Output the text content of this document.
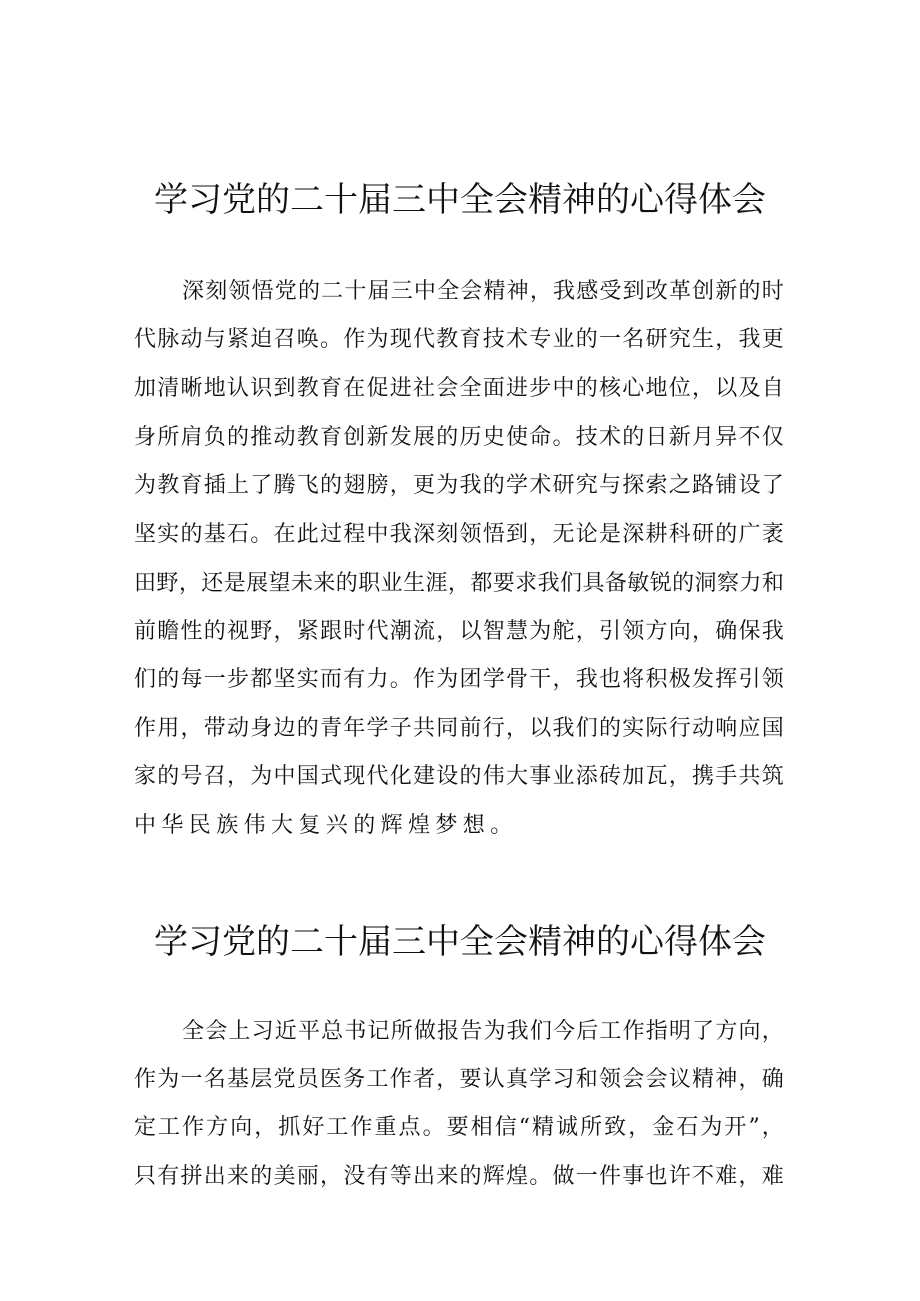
学习党的二十届三中全会精神的心得体会

深 刻 领 悟 党 的 二 十 届 三 中 全 会 精 神 ， 我 感 受 到 改 革 创 新 的 时

代 脉 动 与 紧 迫 召 唤 。 作 为 现 代 教 育 技 术 专 业 的 一 名 研 究 生 ， 我 更

加 清 晰 地 认 识 到 教 育 在 促 进 社 会 全 面 进 步 中 的 核 心 地 位 ， 以 及 自

身 所 肩 负 的 推 动 教 育 创 新 发 展 的 历 史 使 命 。 技 术 的 日 新 月 异 不 仅

为 教 育 插 上 了 腾 飞 的 翅 膀 ， 更 为 我 的 学 术 研 究 与 探 索 之 路 铺 设 了

坚 实 的 基 石 。 在 此 过 程 中 我 深 刻 领 悟 到 ， 无 论 是 深 耕 科 研 的 广 袤

田 野 ， 还 是 展 望 未 来 的 职 业 生 涯 ， 都 要 求 我 们 具 备 敏 锐 的 洞 察 力 和

前 瞻 性 的 视 野 ， 紧 跟 时 代 潮 流 ， 以 智 慧 为 舵 ， 引 领 方 向 ， 确 保 我

们 的 每 一 步 都 坚 实 而 有 力 。 作 为 团 学 骨 干 ， 我 也 将 积 极 发 挥 引 领

作 用 ， 带 动 身 边 的 青 年 学 子 共 同 前 行 ， 以 我 们 的 实 际 行 动 响 应 国

家 的 号 召 ， 为 中 国 式 现 代 化 建 设 的 伟 大 事 业 添 砖 加 瓦 ， 携 手 共 筑

中华民族伟大复兴的辉煌梦想。

学习党的二十届三中全会精神的心得体会

全 会 上 习 近 平 总 书 记 所 做 报 告 为 我 们 今 后 工 作 指 明 了 方 向 ，

作 为 一 名 基 层 党 员 医 务 工 作 者 ， 要 认 真 学 习 和 领 会 会 议 精 神 ， 确

定 工 作 方 向 ， 抓 好 工 作 重 点 。 要 相 信 “ 精 诚 所 致 ， 金 石 为 开 ” ，

只 有 拼 出 来 的 美 丽 ， 没 有 等 出 来 的 辉 煌 。 做 一 件 事 也 许 不 难 ， 难
